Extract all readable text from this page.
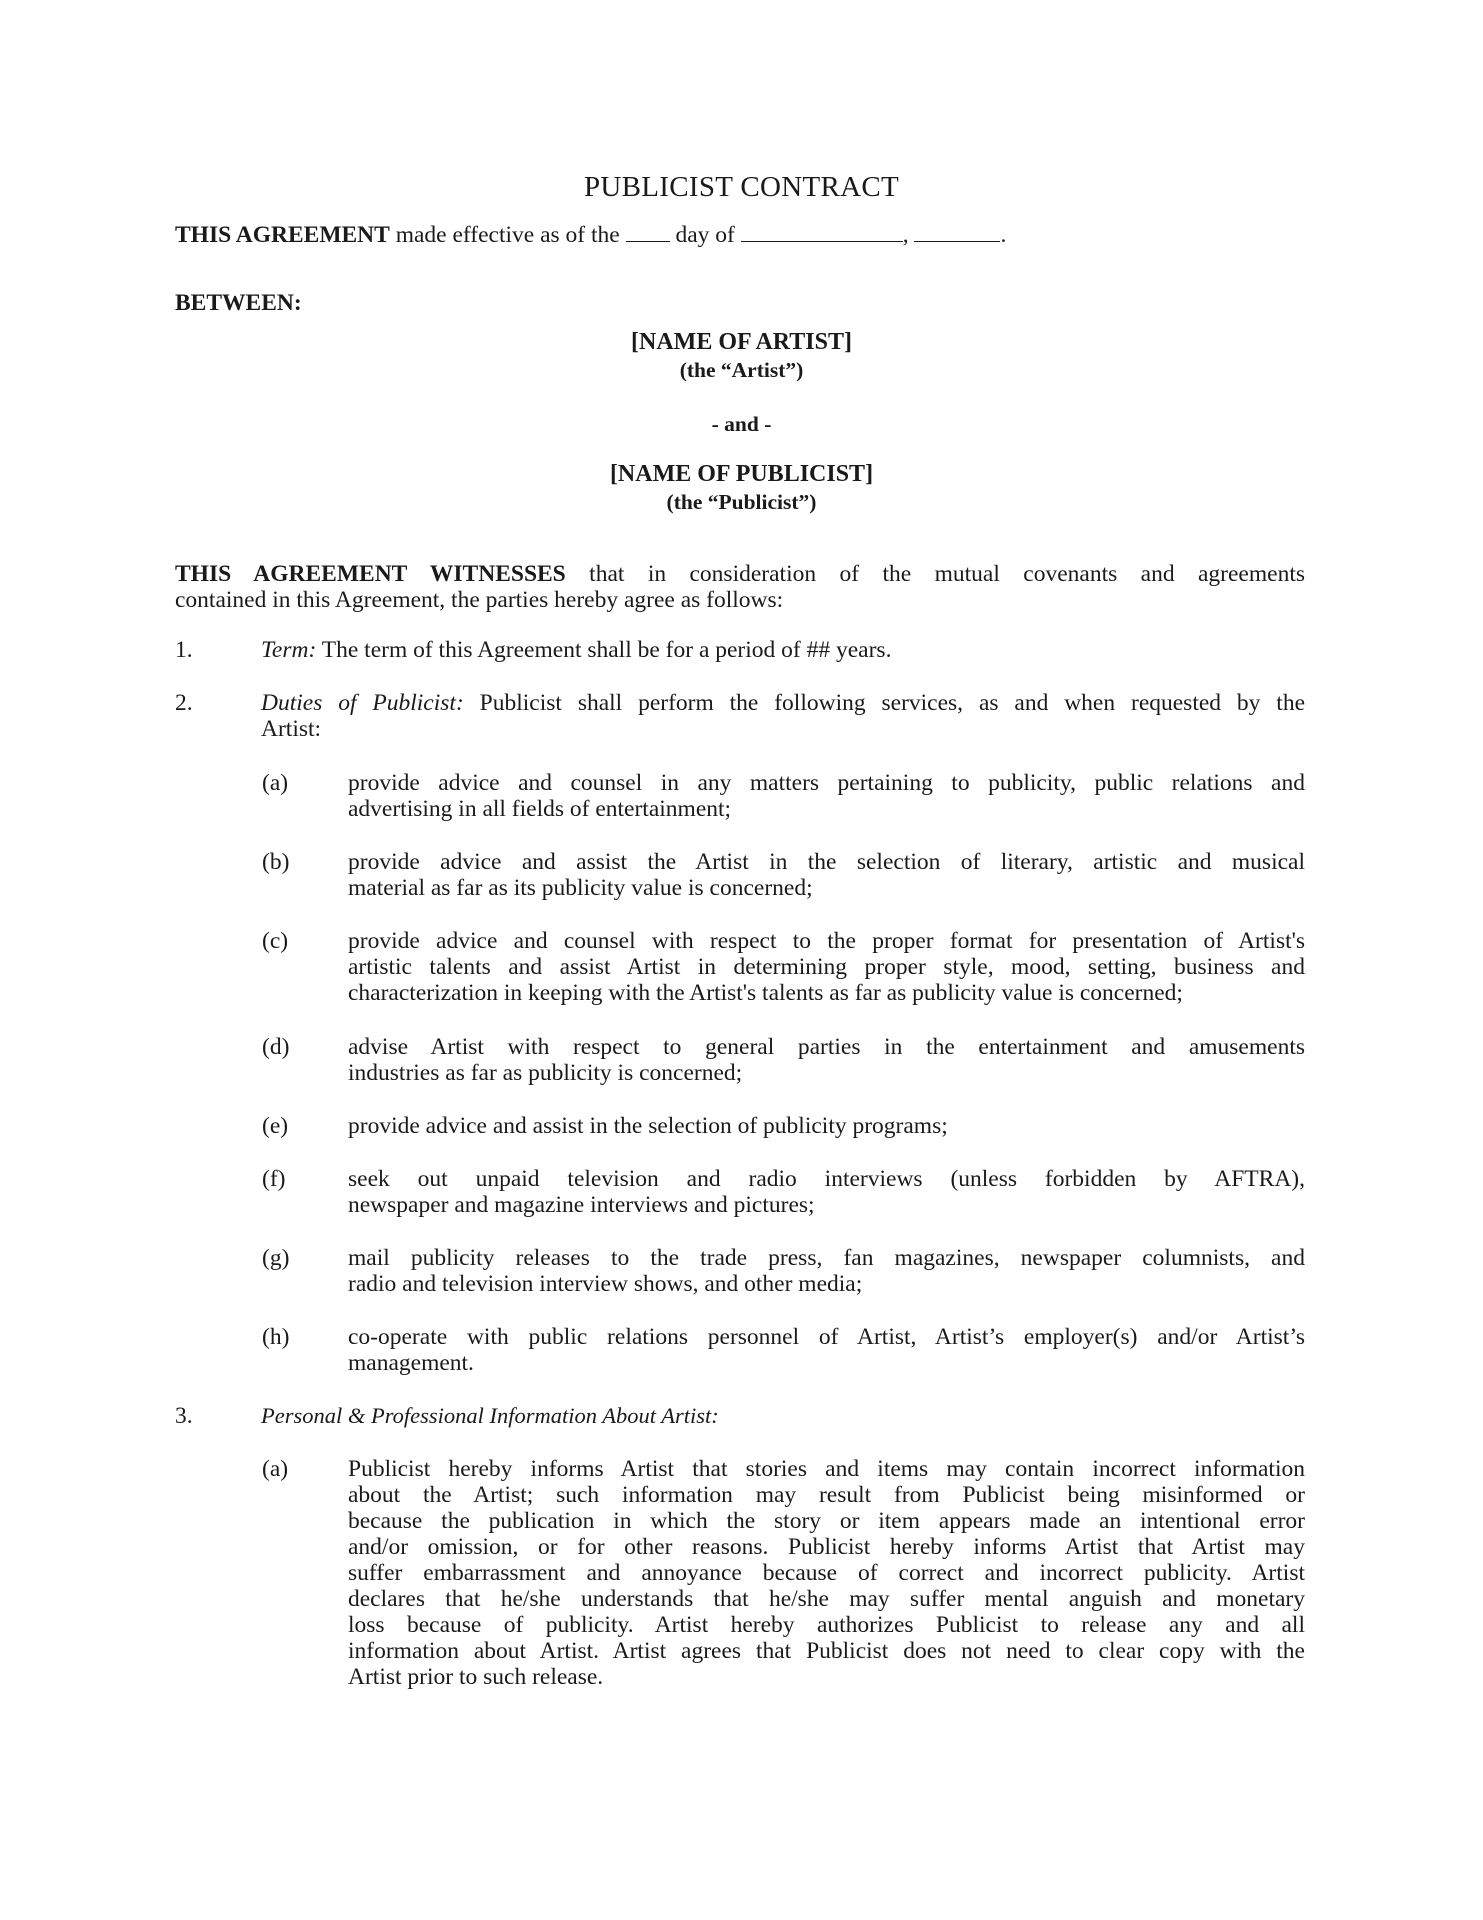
PUBLICIST CONTRACT
THIS AGREEMENT made effective as of the day of	,	.
BETWEEN:
[NAME OF ARTIST]
(the “Artist”)
- and -
[NAME OF PUBLICIST]
(the “Publicist”)

THIS AGREEMENT WITNESSES that in consideration of the mutual covenants and agreements

contained in this Agreement, the parties hereby agree as follows:

1.	Term: The term of this Agreement shall be for a period of ## years.
2.	Duties of Publicist: Publicist shall perform the following services, as and when requested by the

Artist:

(a)	provide advice and counsel in any matters pertaining to publicity, public relations and

advertising in all fields of entertainment;

(b) provide advice and assist the Artist in the selection of literary, artistic and musical

material as far as its publicity value is concerned;

(c)	provide advice and counsel with respect to the proper format for presentation of Artist's

artistic talents and assist Artist in determining proper style, mood, setting, business and

characterization in keeping with the Artist's talents as far as publicity value is concerned;

(d) advise Artist with respect to general parties in the entertainment and amusements

industries as far as publicity is concerned;

(e)	provide advice and assist in the selection of publicity programs;

(f)	seek out unpaid television and radio interviews (unless forbidden by AFTRA),

newspaper and magazine interviews and pictures;

(g) mail publicity releases to the trade press, fan magazines, newspaper columnists, and

radio and television interview shows, and other media;

(h) co-operate with public relations personnel of Artist, Artist’s employer(s) and/or Artist’s

management.

3.	Personal & Professional Information About Artist:
(a)	Publicist hereby informs Artist that stories and items may contain incorrect information

about the Artist; such information may result from Publicist being misinformed or

because the publication in which the story or item appears made an intentional error

and/or omission, or for other reasons. Publicist hereby informs Artist that Artist may

suffer embarrassment and annoyance because of correct and incorrect publicity. Artist

declares that he/she understands that he/she may suffer mental anguish and monetary

loss because of publicity. Artist hereby authorizes Publicist to release any and all

information about Artist. Artist agrees that Publicist does not need to clear copy with the

Artist prior to such release.
